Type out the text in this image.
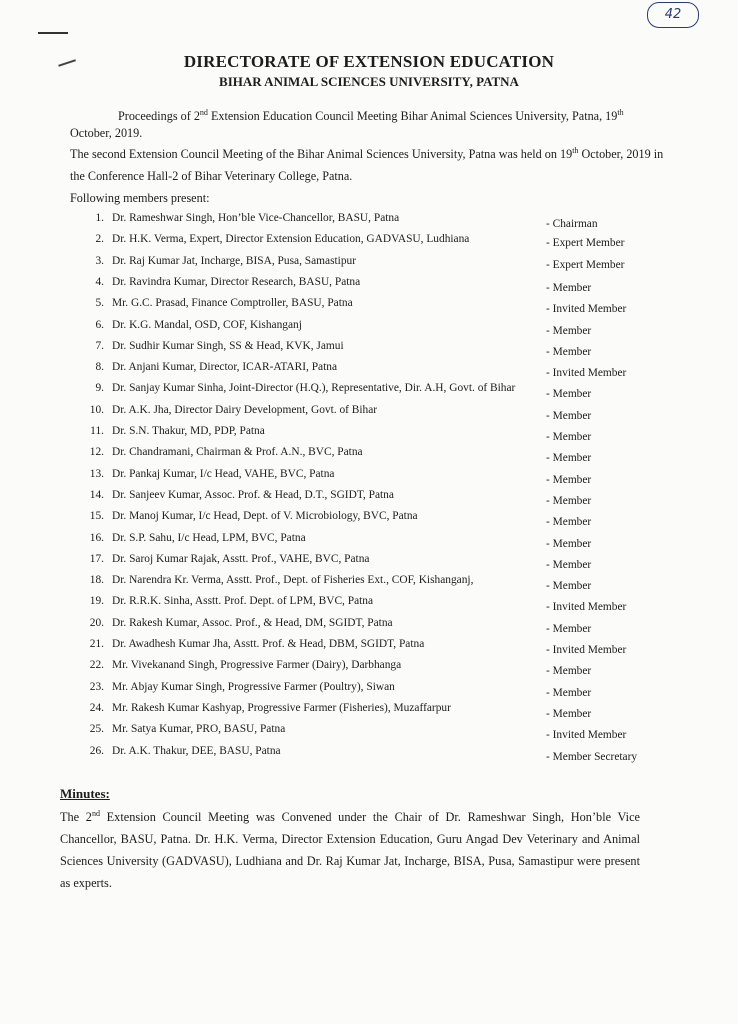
42
DIRECTORATE OF EXTENSION EDUCATION
BIHAR ANIMAL SCIENCES UNIVERSITY, PATNA
Proceedings of 2nd Extension Education Council Meeting Bihar Animal Sciences University, Patna, 19th October, 2019.
The second Extension Council Meeting of the Bihar Animal Sciences University, Patna was held on 19th October, 2019 in the Conference Hall-2 of Bihar Veterinary College, Patna.
Following members present:
1. Dr. Rameshwar Singh, Hon’ble Vice-Chancellor, BASU, Patna	- Chairman
2. Dr. H.K. Verma, Expert, Director Extension Education, GADVASU, Ludhiana	- Expert Member
3. Dr. Raj Kumar Jat, Incharge, BISA, Pusa, Samastipur	- Expert Member
4. Dr. Ravindra Kumar, Director Research, BASU, Patna	- Member
5. Mr. G.C. Prasad, Finance Comptroller, BASU, Patna	- Invited Member
6. Dr. K.G. Mandal, OSD, COF, Kishanganj	- Member
7. Dr. Sudhir Kumar Singh, SS & Head, KVK, Jamui	- Member
8. Dr. Anjani Kumar, Director, ICAR-ATARI, Patna	- Invited Member
9. Dr. Sanjay Kumar Sinha, Joint-Director (H.Q.), Representative, Dir. A.H, Govt. of Bihar	- Member
10. Dr. A.K. Jha, Director Dairy Development, Govt. of Bihar	- Member
11. Dr. S.N. Thakur, MD, PDP, Patna	- Member
12. Dr. Chandramani, Chairman & Prof. A.N., BVC, Patna	- Member
13. Dr. Pankaj Kumar, I/c Head, VAHE, BVC, Patna	- Member
14. Dr. Sanjeev Kumar, Assoc. Prof. & Head, D.T., SGIDT, Patna	- Member
15. Dr. Manoj Kumar, I/c Head, Dept. of V. Microbiology, BVC, Patna	- Member
16. Dr. S.P. Sahu, I/c Head, LPM, BVC, Patna	- Member
17. Dr. Saroj Kumar Rajak, Asstt. Prof., VAHE, BVC, Patna	- Member
18. Dr. Narendra Kr. Verma, Asstt. Prof., Dept. of Fisheries Ext., COF, Kishanganj,	- Member
19. Dr. R.R.K. Sinha, Asstt. Prof. Dept. of LPM, BVC, Patna	- Invited Member
20. Dr. Rakesh Kumar, Assoc. Prof., & Head, DM, SGIDT, Patna	- Member
21. Dr. Awadhesh Kumar Jha, Asstt. Prof. & Head, DBM, SGIDT, Patna	- Invited Member
22. Mr. Vivekanand Singh, Progressive Farmer (Dairy), Darbhanga	- Member
23. Mr. Abjay Kumar Singh, Progressive Farmer (Poultry), Siwan	- Member
24. Mr. Rakesh Kumar Kashyap, Progressive Farmer (Fisheries), Muzaffarpur	- Member
25. Mr. Satya Kumar, PRO, BASU, Patna	- Invited Member
26. Dr. A.K. Thakur, DEE, BASU, Patna	- Member Secretary
Minutes:
The 2nd Extension Council Meeting was Convened under the Chair of Dr. Rameshwar Singh, Hon’ble Vice Chancellor, BASU, Patna. Dr. H.K. Verma, Director Extension Education, Guru Angad Dev Veterinary and Animal Sciences University (GADVASU), Ludhiana and Dr. Raj Kumar Jat, Incharge, BISA, Pusa, Samastipur were present as experts.
